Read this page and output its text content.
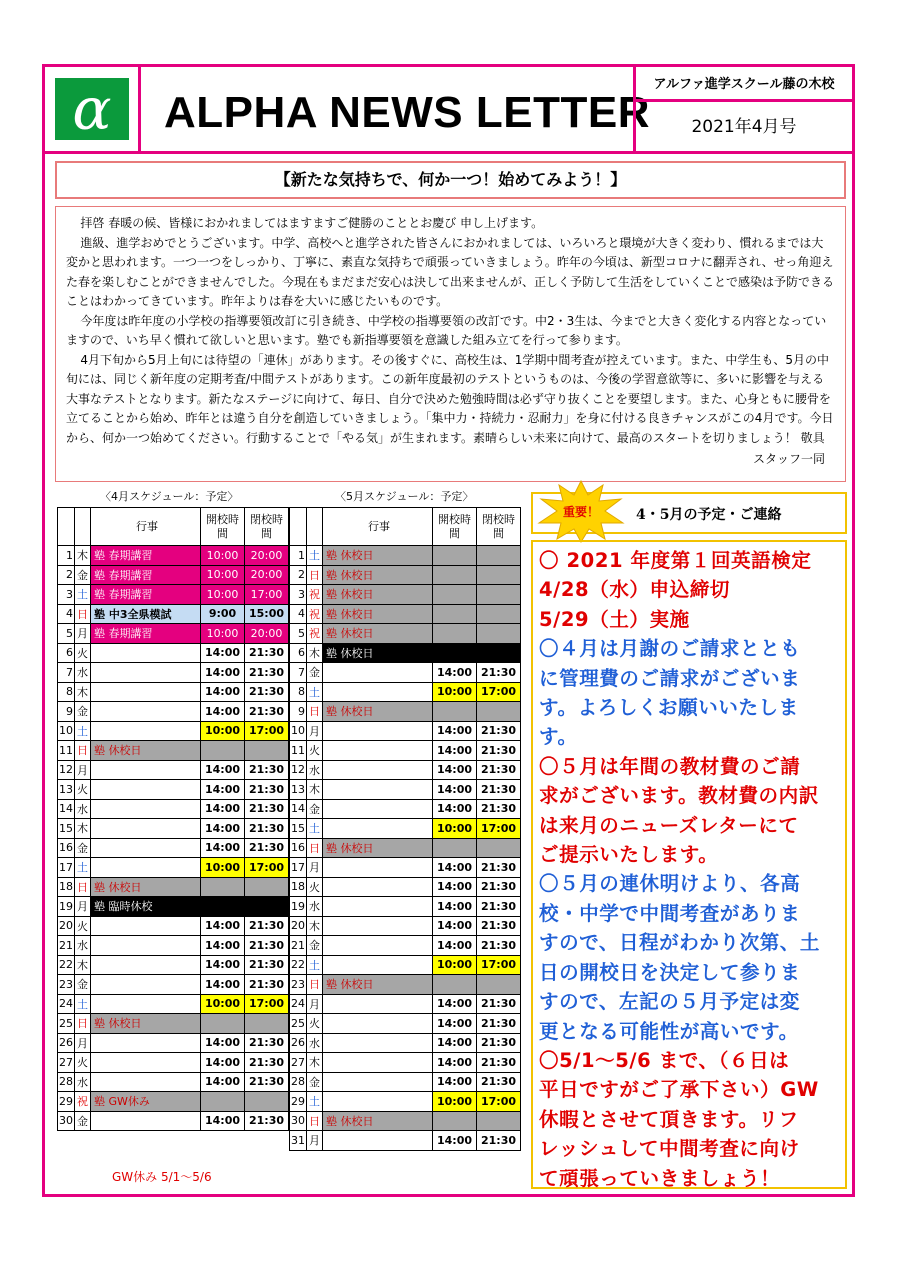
α	ALPHA NEWS LETTER
アルファ進学スクール藤の木校
2021年4月号
【新たな気持ちで、何か一つ！始めてみよう！】

拝啓 春暖の候、皆様におかれましてはますますご健勝のこととお慶び 申し上げます。

進級、進学おめでとうございます。中学、高校へと進学された皆さんにおかれましては、いろいろと環境が大きく変わり、慣れるまでは大変かと思われます。一つ一つをしっかり、丁寧に、素直な気持ちで頑張っていきましょう。昨年の今頃は、新型コロナに翻弄され、せっ角迎えた春を楽しむことができませんでした。今現在もまだまだ安心は決して出来ませんが、正しく予防して生活をしていくことで感染は予防できることはわかってきています。昨年よりは春を大いに感じたいものです。

今年度は昨年度の小学校の指導要領改訂に引き続き、中学校の指導要領の改訂です。中2・3生は、今までと大きく変化する内容となっていますので、いち早く慣れて欲しいと思います。塾でも新指導要領を意識した組み立てを行って参ります。

4月下旬から5月上旬には待望の「連休」があります。その後すぐに、高校生は、1学期中間考査が控えています。また、中学生も、5月の中旬には、同じく新年度の定期考査/中間テストがあります。この新年度最初のテストというものは、今後の学習意欲等に、多いに影響を与える大事なテストとなります。新たなステージに向けて、毎日、自分で決めた勉強時間は必ず守り抜くことを要望します。また、心身ともに腰骨を立てることから始め、昨年とは違う自分を創造していきましょう。「集中力・持続力・忍耐力」を身に付ける良きチャンスがこの4月です。今日から、何か一つ始めてください。行動することで「やる気」が生まれます。素晴らしい未来に向けて、最高のスタートを切りましょう！ 敬具

スタッフ一同
〈4月スケジュール：予定〉	〈5月スケジュール：予定〉
		行事	開校時間	閉校時間
1	木	塾 春期講習	10:00	20:00
2	金	塾 春期講習	10:00	20:00
3	土	塾 春期講習	10:00	17:00
4	日	塾 中3全県模試	9:00	15:00
5	月	塾 春期講習	10:00	20:00
6	火		14:00	21:30
7	水		14:00	21:30
8	木		14:00	21:30
9	金		14:00	21:30
10	土		10:00	17:00
11	日	塾 休校日		
12	月		14:00	21:30
13	火		14:00	21:30
14	水		14:00	21:30
15	木		14:00	21:30
16	金		14:00	21:30
17	土		10:00	17:00
18	日	塾 休校日		
19	月	塾 臨時休校		
20	火		14:00	21:30
21	水		14:00	21:30
22	木		14:00	21:30
23	金		14:00	21:30
24	土		10:00	17:00
25	日	塾 休校日		
26	月		14:00	21:30
27	火		14:00	21:30
28	水		14:00	21:30
29	祝	塾 GW休み		
30	金		14:00	21:30
		行事	開校時間	閉校時間
1	土	塾 休校日		
2	日	塾 休校日		
3	祝	塾 休校日		
4	祝	塾 休校日		
5	祝	塾 休校日		
6	木	塾 休校日		
7	金		14:00	21:30
8	土		10:00	17:00
9	日	塾 休校日		
10	月		14:00	21:30
11	火		14:00	21:30
12	水		14:00	21:30
13	木		14:00	21:30
14	金		14:00	21:30
15	土		10:00	17:00
16	日	塾 休校日		
17	月		14:00	21:30
18	火		14:00	21:30
19	水		14:00	21:30
20	木		14:00	21:30
21	金		14:00	21:30
22	土		10:00	17:00
23	日	塾 休校日		
24	月		14:00	21:30
25	火		14:00	21:30
26	水		14:00	21:30
27	木		14:00	21:30
28	金		14:00	21:30
29	土		10:00	17:00
30	日	塾 休校日		
31	月		14:00	21:30
GW休み 5/1～5/6
重要！	4・5月の予定・ご連絡
〇 2021 年度第１回英語検定
4/28（水）申込締切
5/29（土）実施
〇４月は月謝のご請求ととも
に管理費のご請求がございま
す。よろしくお願いいたしま
す。
〇５月は年間の教材費のご請
求がございます。教材費の内訳
は来月のニューズレターにて
ご提示いたします。
〇５月の連休明けより、各高
校・中学で中間考査がありま
すので、日程がわかり次第、土
日の開校日を決定して参りま
すので、左記の５月予定は変
更となる可能性が高いです。
〇5/1～5/6 まで、（６日は
平日ですがご了承下さい）GW
休暇とさせて頂きます。リフ
レッシュして中間考査に向け
て頑張っていきましょう！
